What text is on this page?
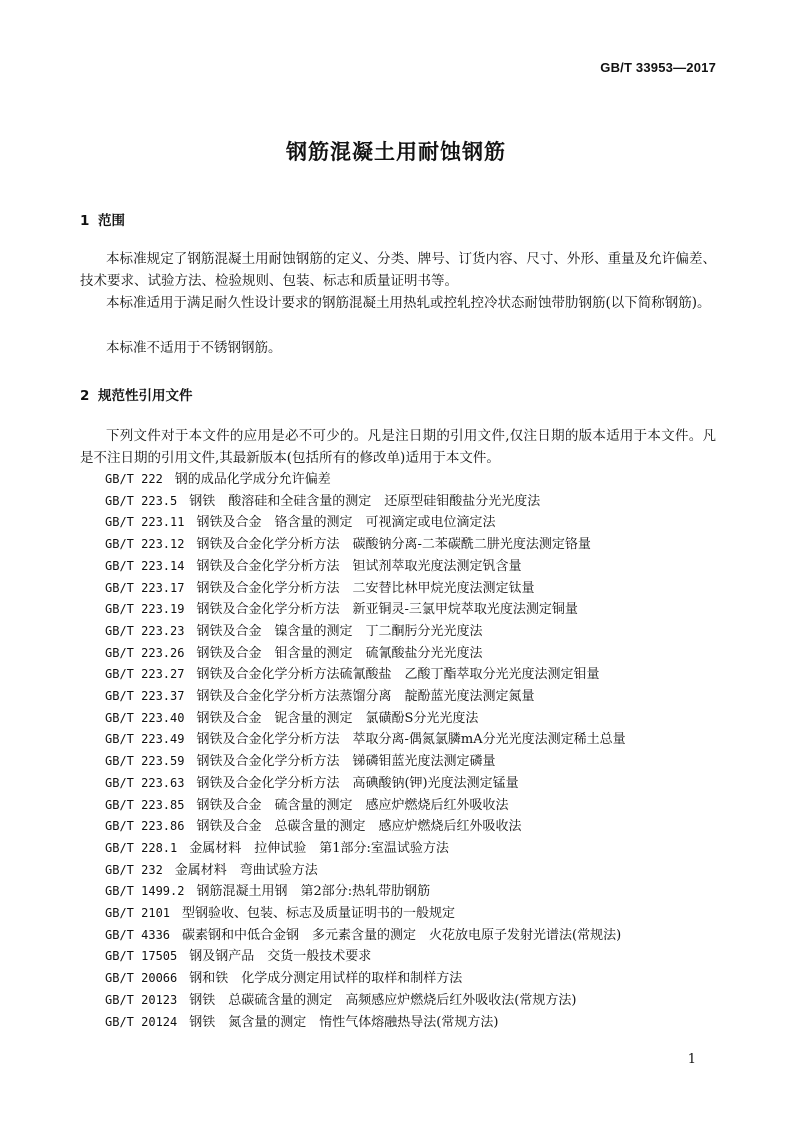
GB/T 33953—2017
钢筋混凝土用耐蚀钢筋
1 范围

本标准规定了钢筋混凝土用耐蚀钢筋的定义、分类、牌号、订货内容、尺寸、外形、重量及允许偏差、技术要求、试验方法、检验规则、包装、标志和质量证明书等。

本标准适用于满足耐久性设计要求的钢筋混凝土用热轧或控轧控冷状态耐蚀带肋钢筋(以下简称钢筋)。

本标准不适用于不锈钢钢筋。

2 规范性引用文件

下列文件对于本文件的应用是必不可少的。凡是注日期的引用文件,仅注日期的版本适用于本文件。凡是不注日期的引用文件,其最新版本(包括所有的修改单)适用于本文件。

GB/T 222 钢的成品化学成分允许偏差
GB/T 223.5 钢铁　酸溶硅和全硅含量的测定　还原型硅钼酸盐分光光度法
GB/T 223.11 钢铁及合金　铬含量的测定　可视滴定或电位滴定法
GB/T 223.12 钢铁及合金化学分析方法　碳酸钠分离-二苯碳酰二肼光度法测定铬量
GB/T 223.14 钢铁及合金化学分析方法　钽试剂萃取光度法测定钒含量
GB/T 223.17 钢铁及合金化学分析方法　二安替比林甲烷光度法测定钛量
GB/T 223.19 钢铁及合金化学分析方法　新亚铜灵-三氯甲烷萃取光度法测定铜量
GB/T 223.23 钢铁及合金　镍含量的测定　丁二酮肟分光光度法
GB/T 223.26 钢铁及合金　钼含量的测定　硫氰酸盐分光光度法
GB/T 223.27 钢铁及合金化学分析方法硫氰酸盐　乙酸丁酯萃取分光光度法测定钼量
GB/T 223.37 钢铁及合金化学分析方法蒸馏分离　靛酚蓝光度法测定氮量
GB/T 223.40 钢铁及合金　铌含量的测定　氯磺酚S分光光度法
GB/T 223.49 钢铁及合金化学分析方法　萃取分离-偶氮氯膦mA分光光度法测定稀土总量
GB/T 223.59 钢铁及合金化学分析方法　锑磷钼蓝光度法测定磷量
GB/T 223.63 钢铁及合金化学分析方法　高碘酸钠(钾)光度法测定锰量
GB/T 223.85 钢铁及合金　硫含量的测定　感应炉燃烧后红外吸收法
GB/T 223.86 钢铁及合金　总碳含量的测定　感应炉燃烧后红外吸收法
GB/T 228.1 金属材料　拉伸试验　第1部分:室温试验方法
GB/T 232 金属材料　弯曲试验方法
GB/T 1499.2 钢筋混凝土用钢　第2部分:热轧带肋钢筋
GB/T 2101 型钢验收、包装、标志及质量证明书的一般规定
GB/T 4336 碳素钢和中低合金钢　多元素含量的测定　火花放电原子发射光谱法(常规法)
GB/T 17505 钢及钢产品　交货一般技术要求
GB/T 20066 钢和铁　化学成分测定用试样的取样和制样方法
GB/T 20123 钢铁　总碳硫含量的测定　高频感应炉燃烧后红外吸收法(常规方法)
GB/T 20124 钢铁　氮含量的测定　惰性气体熔融热导法(常规方法)
1
